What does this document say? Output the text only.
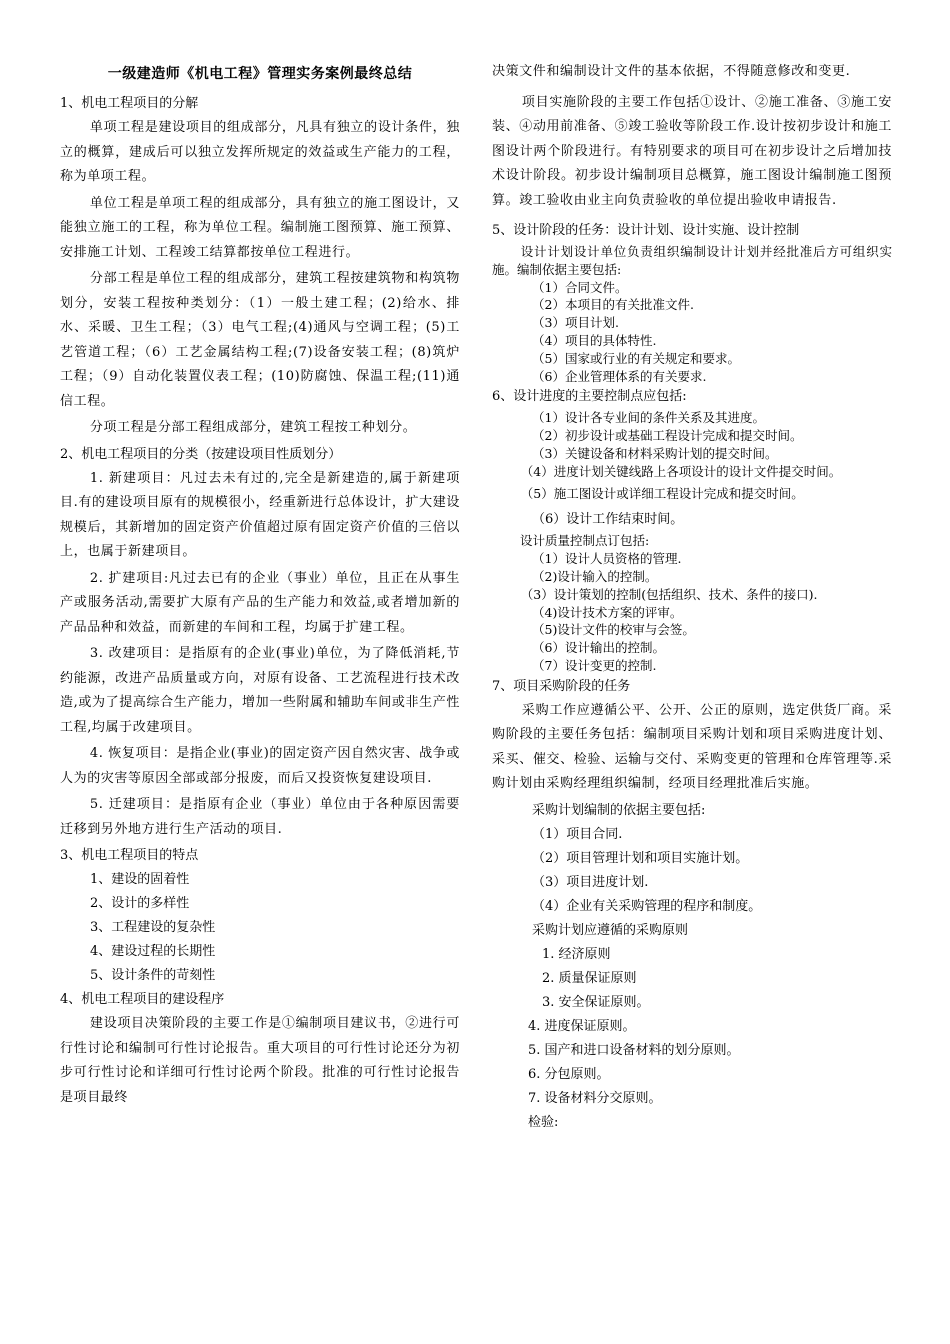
一级建造师《机电工程》管理实务案例最终总结

1、机电工程项目的分解

单项工程是建设项目的组成部分，凡具有独立的设计条件，独立的概算，建成后可以独立发挥所规定的效益或生产能力的工程，称为单项工程。

单位工程是单项工程的组成部分，具有独立的施工图设计，又能独立施工的工程，称为单位工程。编制施工图预算、施工预算、安排施工计划、工程竣工结算都按单位工程进行。

分部工程是单位工程的组成部分，建筑工程按建筑物和构筑物划分，安装工程按种类划分：（1）一般土建工程；(2)给水、排水、采暖、卫生工程；（3）电气工程;(4)通风与空调工程；(5)工艺管道工程；（6）工艺金属结构工程;(7)设备安装工程；(8)筑炉工程；（9）自动化装置仪表工程；(10)防腐蚀、保温工程;(11)通信工程。

分项工程是分部工程组成部分，建筑工程按工种划分。

2、机电工程项目的分类（按建设项目性质划分）

1. 新建项目：凡过去未有过的,完全是新建造的,属于新建项目.有的建设项目原有的规模很小，经重新进行总体设计，扩大建设规模后，其新增加的固定资产价值超过原有固定资产价值的三倍以上，也属于新建项目。

2. 扩建项目:凡过去已有的企业（事业）单位，且正在从事生产或服务活动,需要扩大原有产品的生产能力和效益,或者增加新的产品品种和效益，而新建的车间和工程，均属于扩建工程。

3. 改建项目：是指原有的企业(事业)单位，为了降低消耗,节约能源，改进产品质量或方向，对原有设备、工艺流程进行技术改造,或为了提高综合生产能力，增加一些附属和辅助车间或非生产性工程,均属于改建项目。

4. 恢复项目：是指企业(事业)的固定资产因自然灾害、战争或人为的灾害等原因全部或部分报废，而后又投资恢复建设项目.

5. 迁建项目：是指原有企业（事业）单位由于各种原因需要迁移到另外地方进行生产活动的项目.

3、机电工程项目的特点

1、建设的固着性

2、设计的多样性

3、工程建设的复杂性

4、建设过程的长期性

5、设计条件的苛刻性

4、机电工程项目的建设程序

建设项目决策阶段的主要工作是①编制项目建议书，②进行可行性讨论和编制可行性讨论报告。重大项目的可行性讨论还分为初步可行性讨论和详细可行性讨论两个阶段。批准的可行性讨论报告是项目最终

决策文件和编制设计文件的基本依据，不得随意修改和变更.

项目实施阶段的主要工作包括①设计、②施工准备、③施工安装、④动用前准备、⑤竣工验收等阶段工作.设计按初步设计和施工图设计两个阶段进行。有特别要求的项目可在初步设计之后增加技术设计阶段。初步设计编制项目总概算，施工图设计编制施工图预算。竣工验收由业主向负责验收的单位提出验收申请报告.

5、设计阶段的任务：设计计划、设计实施、设计控制

设计计划设计单位负责组织编制设计计划并经批准后方可组织实施。编制依据主要包括:

（1）合同文件。

（2）本项目的有关批准文件.

（3）项目计划.

（4）项目的具体特性.

（5）国家或行业的有关规定和要求。

（6）企业管理体系的有关要求.

6、设计进度的主要控制点应包括:

（1）设计各专业间的条件关系及其进度。

（2）初步设计或基础工程设计完成和提交时间。

（3）关键设备和材料采购计划的提交时间。

（4）进度计划关键线路上各项设计的设计文件提交时间。

（5）施工图设计或详细工程设计完成和提交时间。

（6）设计工作结束时间。

设计质量控制点订包括:

（1）设计人员资格的管理.

（2)设计输入的控制。

（3）设计策划的控制(包括组织、技术、条件的接口).

（4)设计技术方案的评审。

（5)设计文件的校审与会签。

（6）设计输出的控制。

（7）设计变更的控制.

7、项目采购阶段的任务

采购工作应遵循公平、公开、公正的原则，选定供货厂商。采购阶段的主要任务包括：编制项目采购计划和项目采购进度计划、采买、催交、检验、运输与交付、采购变更的管理和仓库管理等.采购计划由采购经理组织编制，经项目经理批准后实施。

采购计划编制的依据主要包括:

（1）项目合同.

（2）项目管理计划和项目实施计划。

（3）项目进度计划.

（4）企业有关采购管理的程序和制度。

采购计划应遵循的采购原则

1. 经济原则

2. 质量保证原则

3. 安全保证原则。

4. 进度保证原则。

5. 国产和进口设备材料的划分原则。

6. 分包原则。

7. 设备材料分交原则。

检验:
